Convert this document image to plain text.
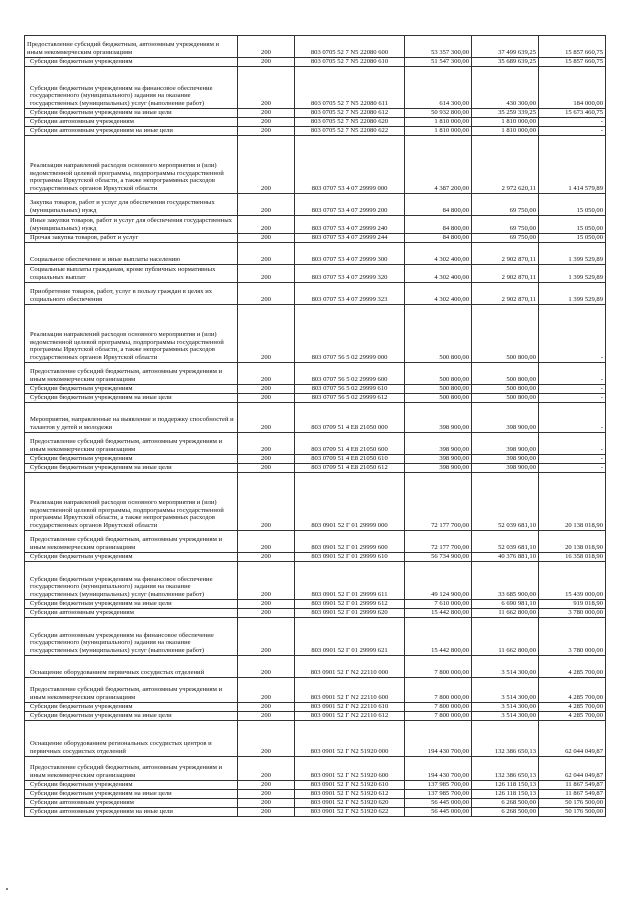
Предоставление субсидий бюджетным, автономным учреждениям и иным некоммерческим организациям	200	803 0705 52 7 N5 22080 600	53 357 300,00	37 499 639,25	15 857 660,75
Субсидии бюджетным учреждениям	200	803 0705 52 7 N5 22080 610	51 547 300,00	35 689 639,25	15 857 660,75
Субсидии бюджетным учреждениям на финансовое обеспечение государственного (муниципального) задания на оказание государственных (муниципальных) услуг (выполнение работ)	200	803 0705 52 7 N5 22080 611	614 300,00	430 300,00	184 000,00
Субсидии бюджетным учреждениям на иные цели	200	803 0705 52 7 N5 22080 612	50 932 800,00	35 259 339,25	15 673 460,75
Субсидии автономным учреждениям	200	803 0705 52 7 N5 22080 620	1 810 000,00	1 810 000,00	-
Субсидии автономным учреждениям на иные цели	200	803 0705 52 7 N5 22080 622	1 810 000,00	1 810 000,00	-
Реализация направлений расходов основного мероприятия и (или) ведомственной целевой программы, подпрограммы государственной программы Иркутской области, а также непрограммных расходов государственных органов Иркутской области	200	803 0707 53 4 07 29999 000	4 387 200,00	2 972 620,11	1 414 579,89
Закупка товаров, работ и услуг для обеспечения государственных (муниципальных) нужд	200	803 0707 53 4 07 29999 200	84 800,00	69 750,00	15 050,00
Иные закупки товаров, работ и услуг для обеспечения государственных (муниципальных) нужд	200	803 0707 53 4 07 29999 240	84 800,00	69 750,00	15 050,00
Прочая закупка товаров, работ и услуг	200	803 0707 53 4 07 29999 244	84 800,00	69 750,00	15 050,00
Социальное обеспечение и иные выплаты населению	200	803 0707 53 4 07 29999 300	4 302 400,00	2 902 870,11	1 399 529,89
Социальные выплаты гражданам, кроме публичных нормативных социальных выплат	200	803 0707 53 4 07 29999 320	4 302 400,00	2 902 870,11	1 399 529,89
Приобретение товаров, работ, услуг в пользу граждан в целях их социального обеспечения	200	803 0707 53 4 07 29999 323	4 302 400,00	2 902 870,11	1 399 529,89
Реализация направлений расходов основного мероприятия и (или) ведомственной целевой программы, подпрограммы государственной программы Иркутской области, а также непрограммных расходов государственных органов Иркутской области	200	803 0707 56 5 02 29999 000	500 800,00	500 800,00	-
Предоставление субсидий бюджетным, автономным учреждениям и иным некоммерческим организациям	200	803 0707 56 5 02 29999 600	500 800,00	500 800,00	-
Субсидии бюджетным учреждениям	200	803 0707 56 5 02 29999 610	500 800,00	500 800,00	-
Субсидии бюджетным учреждениям на иные цели	200	803 0707 56 5 02 29999 612	500 800,00	500 800,00	-
Мероприятия, направленные на выявление и поддержку способностей и талантов у детей и молодежи	200	803 0709 51 4 E8 21050 000	398 900,00	398 900,00	-
Предоставление субсидий бюджетным, автономным учреждениям и иным некоммерческим организациям	200	803 0709 51 4 E8 21050 600	398 900,00	398 900,00	-
Субсидии бюджетным учреждениям	200	803 0709 51 4 E8 21050 610	398 900,00	398 900,00	-
Субсидии бюджетным учреждениям на иные цели	200	803 0709 51 4 E8 21050 612	398 900,00	398 900,00	-
Реализация направлений расходов основного мероприятия и (или) ведомственной целевой программы, подпрограммы государственной программы Иркутской области, а также непрограммных расходов государственных органов Иркутской области	200	803 0901 52 Г 01 29999 000	72 177 700,00	52 039 681,10	20 138 018,90
Предоставление субсидий бюджетным, автономным учреждениям и иным некоммерческим организациям	200	803 0901 52 Г 01 29999 600	72 177 700,00	52 039 681,10	20 138 018,90
Субсидии бюджетным учреждениям	200	803 0901 52 Г 01 29999 610	56 734 900,00	40 376 881,10	16 358 018,90
Субсидии бюджетным учреждениям на финансовое обеспечение государственного (муниципального) задания на оказание государственных (муниципальных) услуг (выполнение работ)	200	803 0901 52 Г 01 29999 611	49 124 900,00	33 685 900,00	15 439 000,00
Субсидии бюджетным учреждениям на иные цели	200	803 0901 52 Г 01 29999 612	7 610 000,00	6 690 981,10	919 018,90
Субсидии автономным учреждениям	200	803 0901 52 Г 01 29999 620	15 442 800,00	11 662 800,00	3 780 000,00
Субсидии автономным учреждениям на финансовое обеспечение государственного (муниципального) задания на оказание государственных (муниципальных) услуг (выполнение работ)	200	803 0901 52 Г 01 29999 621	15 442 800,00	11 662 800,00	3 780 000,00
Оснащение оборудованием первичных сосудистых отделений	200	803 0901 52 Г N2 22110 000	7 800 000,00	3 514 300,00	4 285 700,00
Предоставление субсидий бюджетным, автономным учреждениям и иным некоммерческим организациям	200	803 0901 52 Г N2 22110 600	7 800 000,00	3 514 300,00	4 285 700,00
Субсидии бюджетным учреждениям	200	803 0901 52 Г N2 22110 610	7 800 000,00	3 514 300,00	4 285 700,00
Субсидии бюджетным учреждениям на иные цели	200	803 0901 52 Г N2 22110 612	7 800 000,00	3 514 300,00	4 285 700,00
Оснащение оборудованием региональных сосудистых центров и первичных сосудистых отделений	200	803 0901 52 Г N2 51920 000	194 430 700,00	132 386 650,13	62 044 049,87
Предоставление субсидий бюджетным, автономным учреждениям и иным некоммерческим организациям	200	803 0901 52 Г N2 51920 600	194 430 700,00	132 386 650,13	62 044 049,87
Субсидии бюджетным учреждениям	200	803 0901 52 Г N2 51920 610	137 985 700,00	126 118 150,13	11 867 549,87
Субсидии бюджетным учреждениям на иные цели	200	803 0901 52 Г N2 51920 612	137 985 700,00	126 118 150,13	11 867 549,87
Субсидии автономным учреждениям	200	803 0901 52 Г N2 51920 620	56 445 000,00	6 268 500,00	50 176 500,00
Субсидии автономным учреждениям на иные цели	200	803 0901 52 Г N2 51920 622	56 445 000,00	6 268 500,00	50 176 500,00
